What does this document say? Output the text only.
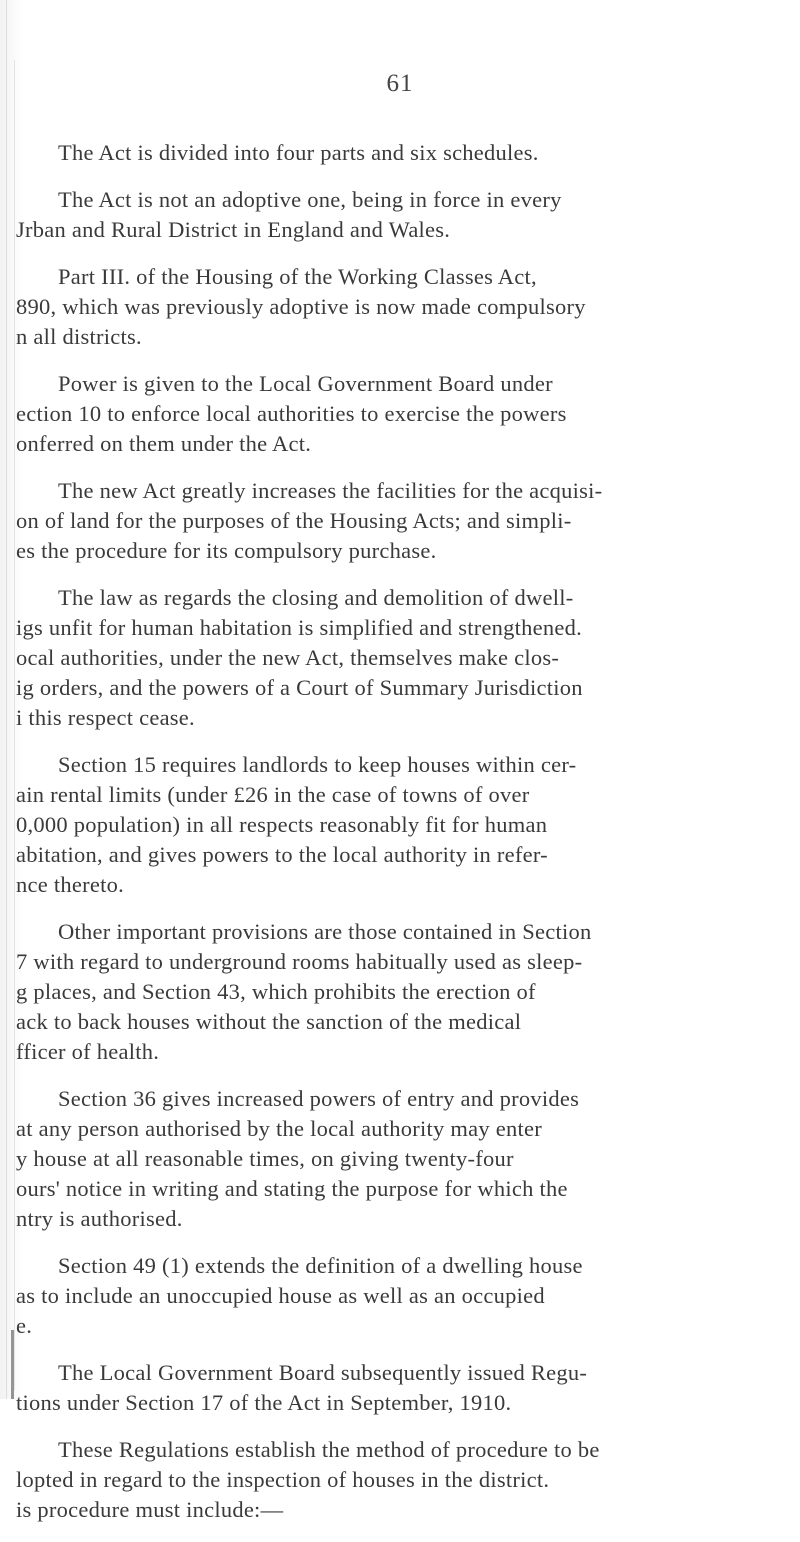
61
The Act is divided into four parts and six schedules.
The Act is not an adoptive one, being in force in every
Jrban and Rural District in England and Wales.
Part III. of the Housing of the Working Classes Act,
890, which was previously adoptive is now made compulsory
n all districts.
Power is given to the Local Government Board under
ection 10 to enforce local authorities to exercise the powers
onferred on them under the Act.
The new Act greatly increases the facilities for the acquisi-
on of land for the purposes of the Housing Acts; and simpli-
es the procedure for its compulsory purchase.
The law as regards the closing and demolition of dwell-
igs unfit for human habitation is simplified and strengthened.
ocal authorities, under the new Act, themselves make clos-
ig orders, and the powers of a Court of Summary Jurisdiction
i this respect cease.
Section 15 requires landlords to keep houses within cer-
ain rental limits (under £26 in the case of towns of over
0,000 population) in all respects reasonably fit for human
abitation, and gives powers to the local authority in refer-
nce thereto.
Other important provisions are those contained in Section
7 with regard to underground rooms habitually used as sleep-
g places, and Section 43, which prohibits the erection of
ack to back houses without the sanction of the medical
fficer of health.
Section 36 gives increased powers of entry and provides
at any person authorised by the local authority may enter
y house at all reasonable times, on giving twenty-four
ours' notice in writing and stating the purpose for which the
ntry is authorised.
Section 49 (1) extends the definition of a dwelling house
as to include an unoccupied house as well as an occupied
e.
The Local Government Board subsequently issued Regu-
tions under Section 17 of the Act in September, 1910.
These Regulations establish the method of procedure to be
lopted in regard to the inspection of houses in the district.
is procedure must include:—
